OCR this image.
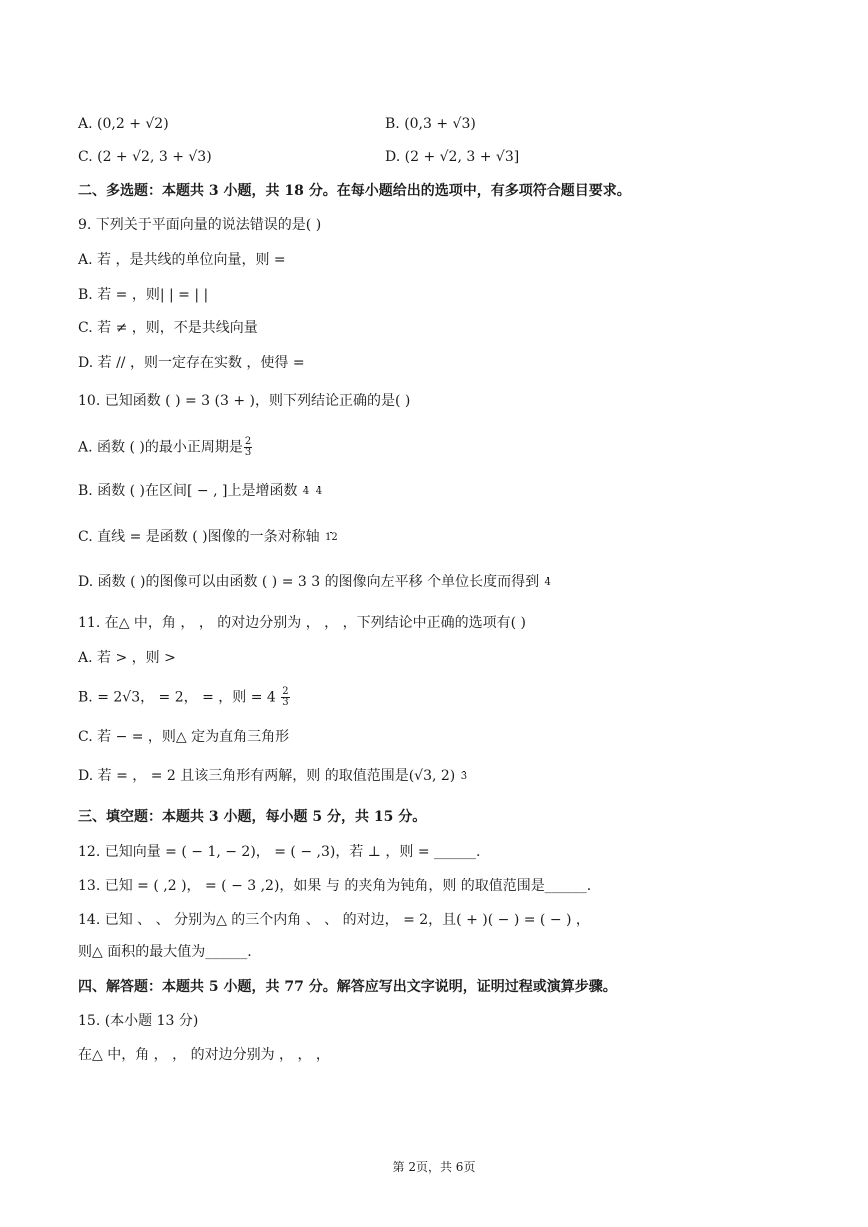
A. (0,2 + √2)	B. (0,3 + √3)
C. (2 + √2, 3 + √3)	D. (2 + √2, 3 + √3]
二、多选题：本题共 3 小题，共 18 分。在每小题给出的选项中，有多项符合题目要求。
9. 下列关于平面向量的说法错误的是( )
A. 若 ，是共线的单位向量，则 =
B. 若 = ，则| | = | |
C. 若 ≠ ，则，不是共线向量
D. 若 // ，则一定存在实数 ，使得 =
10. 已知函数 ( ) = 3 (3 + )，则下列结论正确的是( )
A. 函数 ( )的最小正周期是 $\frac{2}{3}$
B. 函数 ( )在区间[ − , ]上是增函数 4
4
C. 直线 = 是函数 ( )图像的一条对称轴 12
D. 函数 ( )的图像可以由函数 ( ) = 3 3 的图像向左平移 个单位长度而得到 4
11. 在△ 中，角 ， ， 的对边分别为 ， ， ，下列结论中正确的选项有( )
A. 若 > ，则 >
B. = 2√3， = 2， = ，则 = $4 \frac{2}{3}$
C. 若 − = ，则△ 定为直角三角形
D. 若 = ， = 2 且该三角形有两解，则 的取值范围是(√3, 2) 3
三、填空题：本题共 3 小题，每小题 5 分，共 15 分。
12. 已知向量 = ( − 1, − 2)， = ( − ,3)，若 ⊥ ，则 = ______.
13. 已知 = ( ,2 )， = ( − 3 ,2)，如果 与 的夹角为钝角，则 的取值范围是______.
14. 已知 、 、 分别为△ 的三个内角 、 、 的对边， = 2，且( + )( − ) = ( − ) ，
则△ 面积的最大值为______.
四、解答题：本题共 5 小题，共 77 分。解答应写出文字说明，证明过程或演算步骤。
15. (本小题 13 分)
在△ 中，角 ， ， 的对边分别为 ， ， ，
第 2页，共 6页
